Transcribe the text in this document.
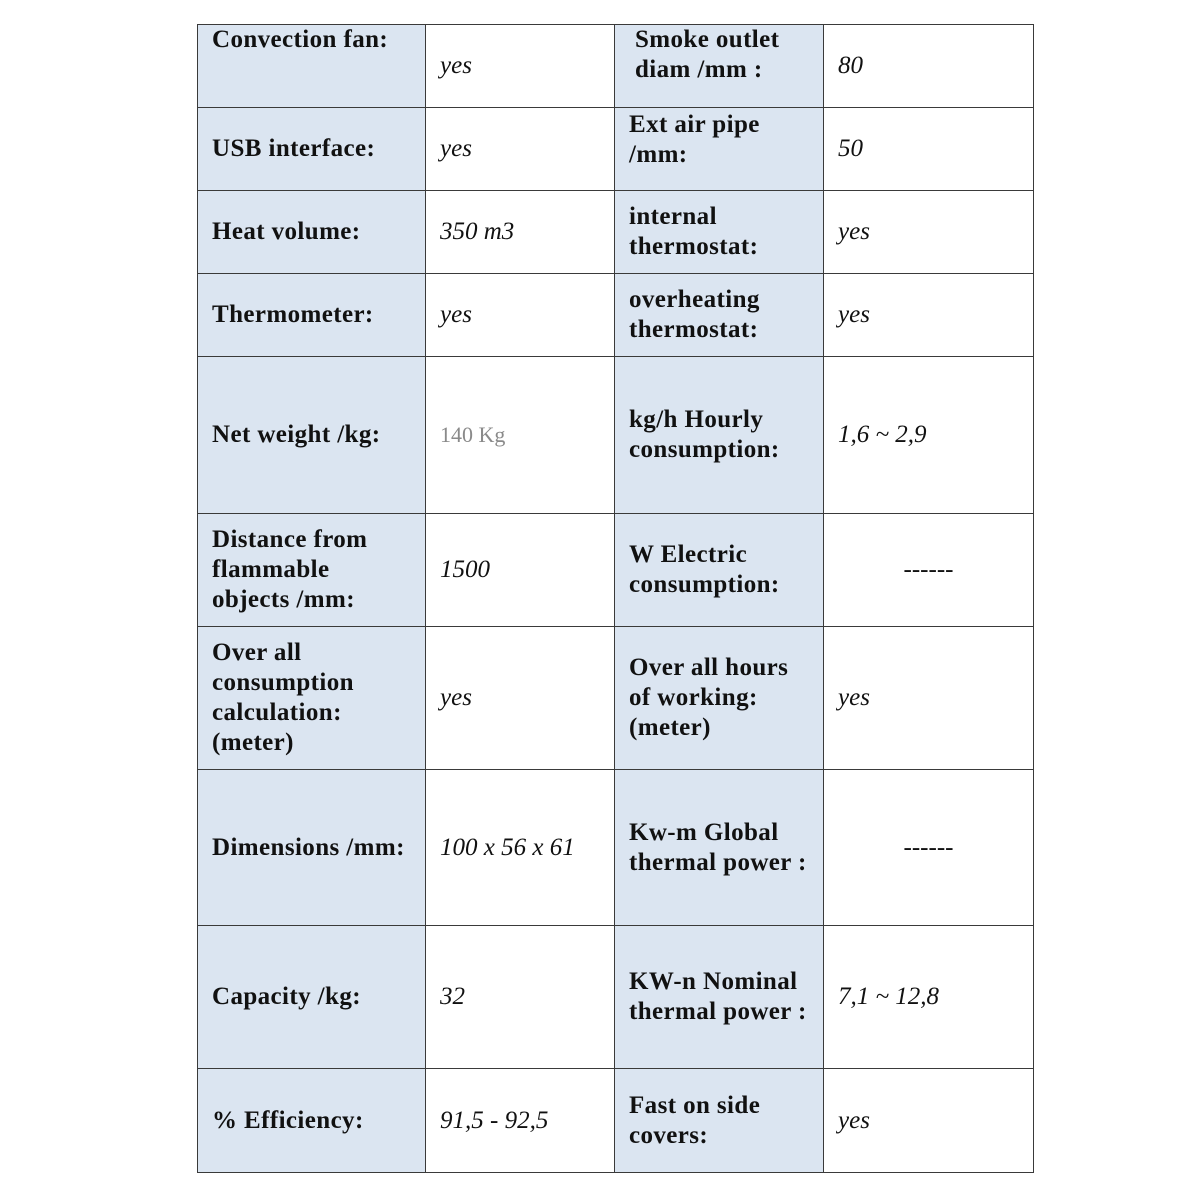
Convection fan:	yes	Smoke outlet diam /mm :	80
USB interface:	yes	Ext air pipe /mm:	50
Heat volume:	350 m3	internal thermostat:	yes
Thermometer:	yes	overheating thermostat:	yes
Net weight /kg:	140 Kg	kg/h Hourly consumption:	1,6 ~ 2,9
Distance from flammable objects /mm:	1500	W Electric consumption:	------
Over all consumption calculation: (meter)	yes	Over all hours of working: (meter)	yes
Dimensions /mm:	100 x 56 x 61	Kw-m Global thermal power :	------
Capacity /kg:	32	KW-n Nominal thermal power :	7,1 ~ 12,8
% Efficiency:	91,5 - 92,5	Fast on side covers:	yes
